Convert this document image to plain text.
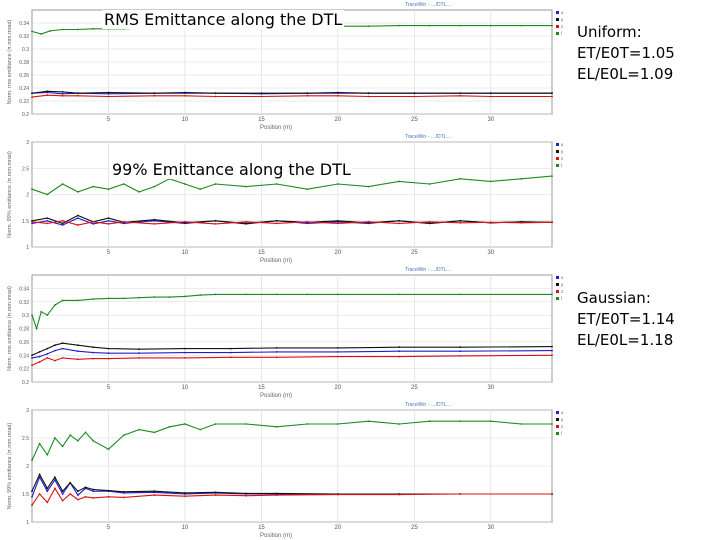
0.2
0.22
0.24
0.26
0.28
0.3
0.32
0.34
5	10	15	20	25	30
Position (m)
Norm. rms emittance (π.mm.mrad)
TraceWin - …/DTL…
x
y
z
l
1
1.5
2
2.5
3
5	10	15	20	25	30
Position (m)
Norm. 99% emittance (π.mm.mrad)
TraceWin - …/DTL…
x
y
z
l
0.2
0.22
0.24
0.26
0.28
0.3
0.32
0.34
5	10	15	20	25	30
Position (m)
Norm. rms emittance (π.mm.mrad)
TraceWin - …/DTL…
x
y
z
l
1
1.5
2
2.5
3
5	10	15	20	25	30
Position (m)
Norm. 99% emittance (π.mm.mrad)
TraceWin - …/DTL…
x
y
z
l
RMS Emittance along the DTL
99% Emittance along the DTL
Uniform:
ET/E0T=1.05
EL/E0L=1.09
Gaussian:
ET/E0T=1.14
EL/E0L=1.18
